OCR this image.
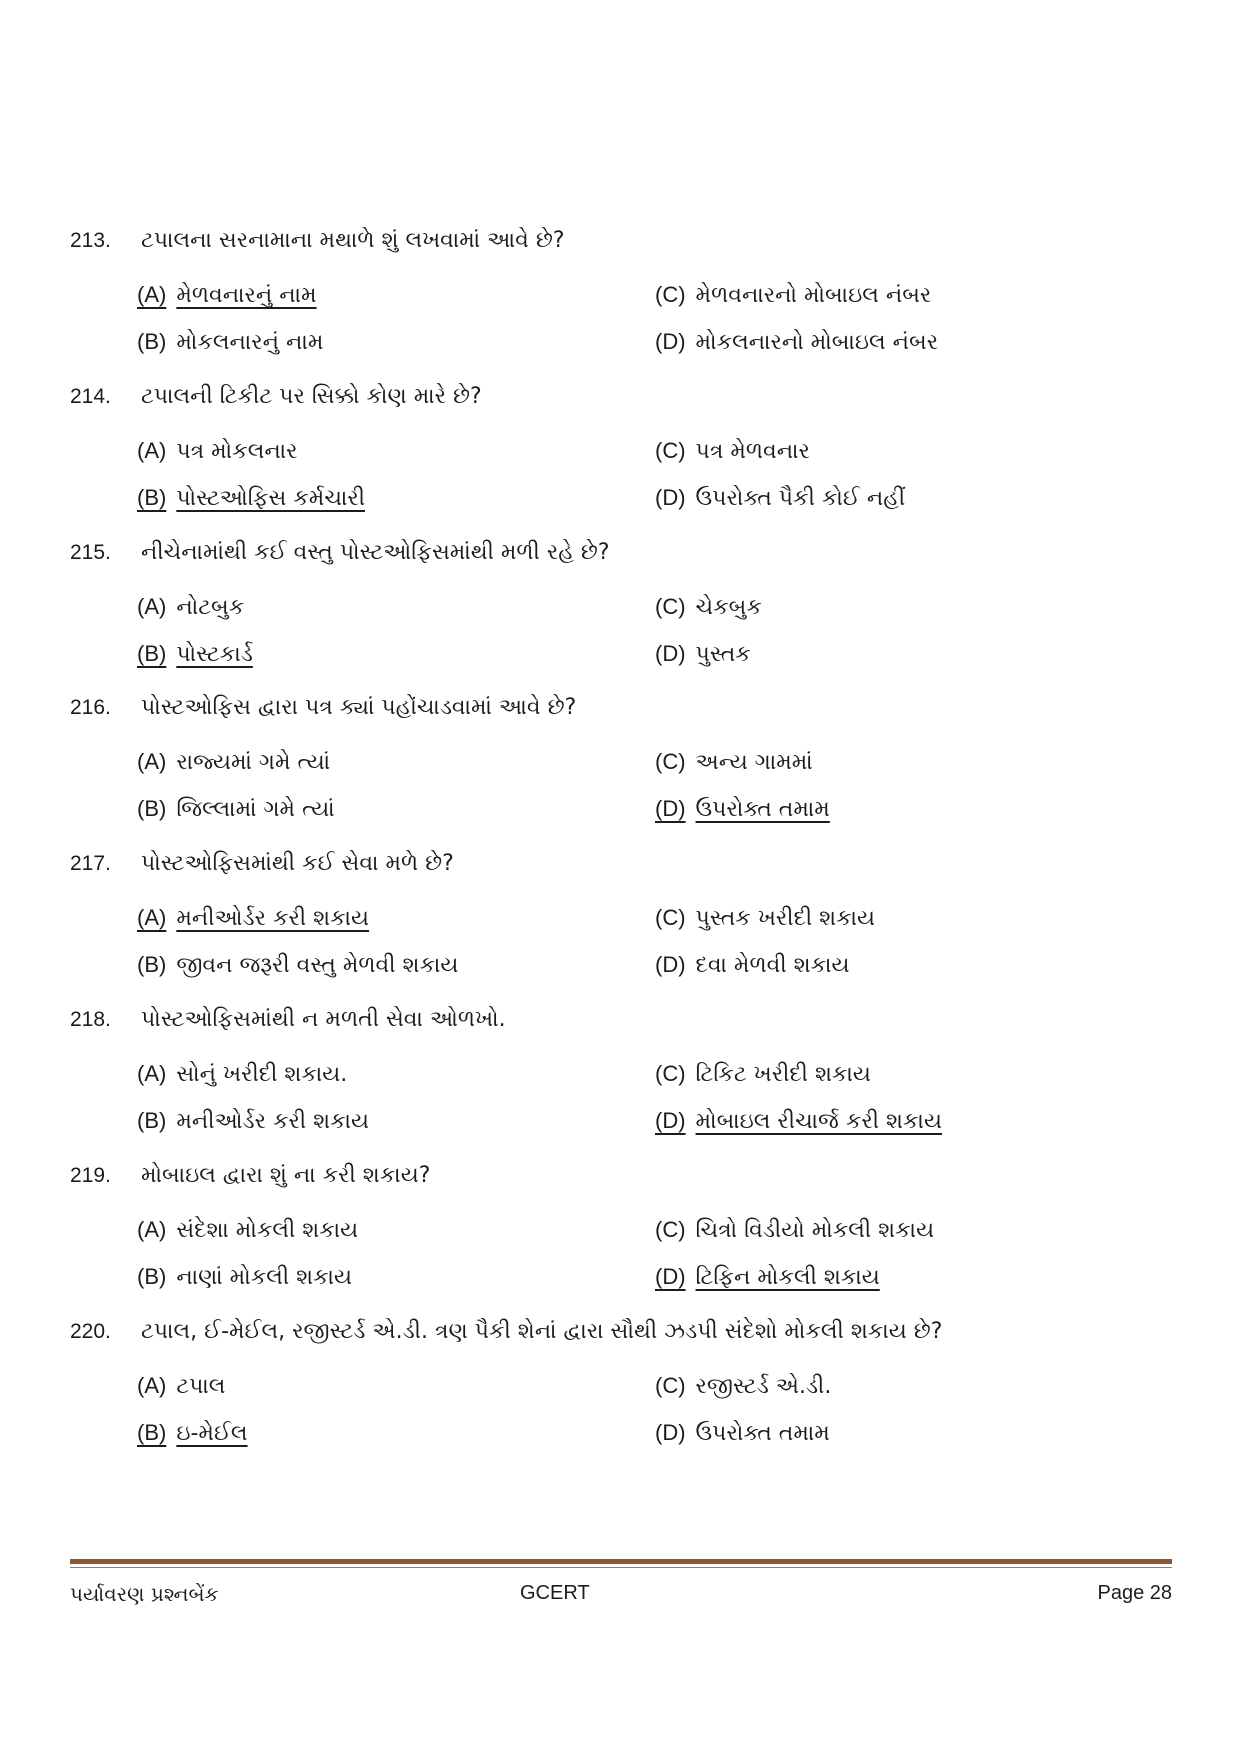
213.	ટપાલના સરનામાના મથાળે શું લખવામાં આવે છે?
(A) મેળવનારનું નામ
(B) મોકલનારનું નામ
(C) મેળવનારનો મોબાઇલ નંબર
(D) મોકલનારનો મોબાઇલ નંબર
214.	ટપાલની ટિકીટ પર સિક્કો કોણ મારે છે?
(A) પત્ર મોકલનાર
(B) પોસ્ટઓફિસ કર્મચારી
(C) પત્ર મેળવનાર
(D) ઉપરોક્ત પૈકી કોઈ નહીં
215.	નીચેનામાંથી કઈ વસ્તુ પોસ્ટઓફિસમાંથી મળી રહે છે?
(A) નોટબુક
(B) પોસ્ટકાર્ડ
(C) ચેકબુક
(D) પુસ્તક
216.	પોસ્ટઓફિસ દ્વારા પત્ર ક્યાં પહોંચાડવામાં આવે છે?
(A) રાજ્યમાં ગમે ત્યાં
(B) જિલ્લામાં ગમે ત્યાં
(C) અન્ય ગામમાં
(D) ઉપરોક્ત તમામ
217.	પોસ્ટઓફિસમાંથી કઈ સેવા મળે છે?
(A) મનીઓર્ડર કરી શકાય
(B) જીવન જરૂરી વસ્તુ મેળવી શકાય
(C) પુસ્તક ખરીદી શકાય
(D) દવા મેળવી શકાય
218.	પોસ્ટઓફિસમાંથી ન મળતી સેવા ઓળખો.
(A) સોનું ખરીદી શકાય.
(B) મનીઓર્ડર કરી શકાય
(C) ટિકિટ ખરીદી શકાય
(D) મોબાઇલ રીચાર્જ કરી શકાય
219.	મોબાઇલ દ્વારા શું ના કરી શકાય?
(A) સંદેશા મોકલી શકાય
(B) નાણાં મોકલી શકાય
(C) ચિત્રો વિડીયો મોકલી શકાય
(D) ટિફિન મોકલી શકાય
220.	ટપાલ, ઈ-મેઈલ, રજીસ્ટર્ડ એ.ડી. ત્રણ પૈકી શેનાં દ્વારા સૌથી ઝડપી સંદેશો મોકલી શકાય છે?
(A) ટપાલ
(B) ઇ-મેઈલ
(C) રજીસ્ટર્ડ એ.ડી.
(D) ઉપરોક્ત તમામ
પર્યાવરણ પ્રશ્નબેંક	GCERT	Page 28
